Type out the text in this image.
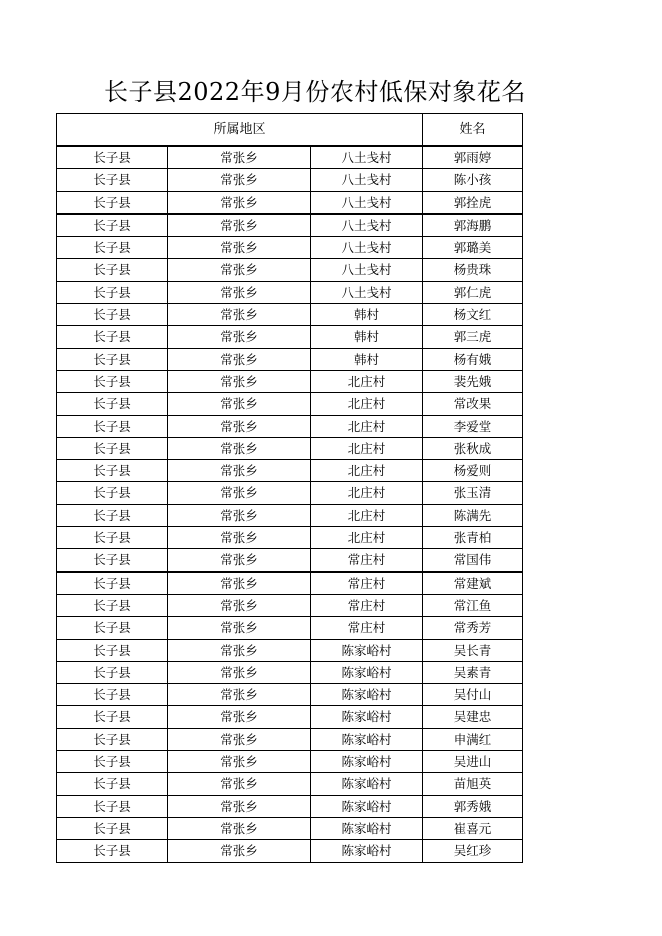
长子县2022年9月份农村低保对象花名
所属地区			姓名
长子县	常张乡	八土戋村	郭雨婷
长子县	常张乡	八土戋村	陈小孩
长子县	常张乡	八土戋村	郭拴虎
长子县	常张乡	八土戋村	郭海鹏
长子县	常张乡	八土戋村	郭璐美
长子县	常张乡	八土戋村	杨贵珠
长子县	常张乡	八土戋村	郭仁虎
长子县	常张乡	韩村	杨文红
长子县	常张乡	韩村	郭三虎
长子县	常张乡	韩村	杨有娥
长子县	常张乡	北庄村	裴先娥
长子县	常张乡	北庄村	常改果
长子县	常张乡	北庄村	李爱堂
长子县	常张乡	北庄村	张秋成
长子县	常张乡	北庄村	杨爱则
长子县	常张乡	北庄村	张玉清
长子县	常张乡	北庄村	陈满先
长子县	常张乡	北庄村	张青柏
长子县	常张乡	常庄村	常国伟
长子县	常张乡	常庄村	常建斌
长子县	常张乡	常庄村	常江鱼
长子县	常张乡	常庄村	常秀芳
长子县	常张乡	陈家峪村	吴长青
长子县	常张乡	陈家峪村	吴素青
长子县	常张乡	陈家峪村	吴付山
长子县	常张乡	陈家峪村	吴建忠
长子县	常张乡	陈家峪村	申满红
长子县	常张乡	陈家峪村	吴进山
长子县	常张乡	陈家峪村	苗旭英
长子县	常张乡	陈家峪村	郭秀娥
长子县	常张乡	陈家峪村	崔喜元
长子县	常张乡	陈家峪村	吴红珍
